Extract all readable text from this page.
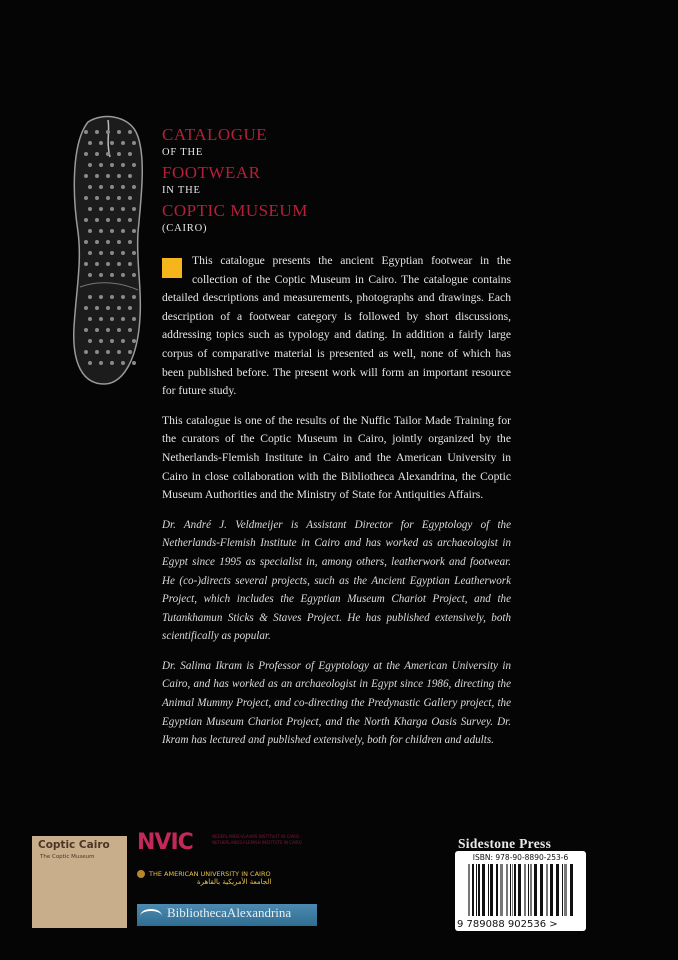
CATALOGUE
OF THE
FOOTWEAR
IN THE
COPTIC MUSEUM
(CAIRO)

This catalogue presents the ancient Egyptian footwear in the collection of the Coptic Museum in Cairo. The catalogue contains detailed descriptions and measurements, photographs and drawings. Each description of a footwear category is followed by short discussions, addressing topics such as typology and dating. In addition a fairly large corpus of comparative material is presented as well, none of which has been published before. The present work will form an important resource for future study.

This catalogue is one of the results of the Nuffic Tailor Made Training for the curators of the Coptic Museum in Cairo, jointly organized by the Netherlands-Flemish Institute in Cairo and the American University in Cairo in close collaboration with the Bibliotheca Alexandrina, the Coptic Museum Authorities and the Ministry of State for Antiquities Affairs.

Dr. André J. Veldmeijer is Assistant Director for Egyptology of the Netherlands-Flemish Institute in Cairo and has worked as archaeologist in Egypt since 1995 as specialist in, among others, leatherwork and footwear. He (co-)directs several projects, such as the Ancient Egyptian Leatherwork Project, which includes the Egyptian Museum Chariot Project, and the Tutankhamun Sticks & Staves Project. He has published extensively, both scientifically as popular.

Dr. Salima Ikram is Professor of Egyptology at the American University in Cairo, and has worked as an archaeologist in Egypt since 1986, directing the Animal Mummy Project, and co-directing the Predynastic Gallery project, the Egyptian Museum Chariot Project, and the North Kharga Oasis Survey. Dr. Ikram has lectured and published extensively, both for children and adults.

Coptic Cairo
The Coptic Museum
NVIC	NEDERLANDS-VLAAMS INSTITUUT IN CAIRO · NETHERLANDS-FLEMISH INSTITUTE IN CAIRO
THE AMERICAN UNIVERSITY IN CAIRO
الجامعة الأمريكية بالقاهرة
BibliothecaAlexandrina
Sidestone Press
ISBN: 978-90-8890-253-6
9 789088 902536 >
